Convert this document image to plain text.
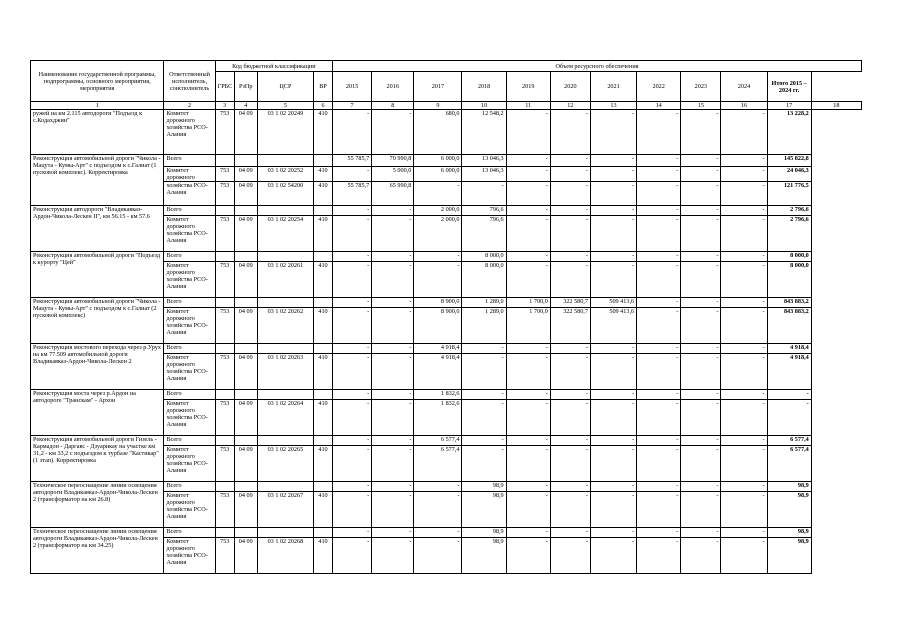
Наименование государственной программы, подпрограммы, основного мероприятия, мероприятия	Ответственный исполнитель, соисполнитель	Код бюджетной классификации				Объем ресурсного обеспечения											
		ГРБС	РзПр	ЦСР	ВР	2015	2016	2017	2018	2019	2020	2021	2022	2023	2024	Итого 2015 – 2024 гг.	
1	2	3	4	5	6	7	8	9	10	11	12	13	14	15	16	17	18
ружей на км 2.115 автодороги "Подъезд к с.Кодахджин"	Комитет дорожного хозяйства РСО-Алания	753	04 09	03 1 02 20249	410	-	-	680,0	12 548,2	-	-	-	-	-	-	13 228,2	
Реконструкция автомобильной дороги "Чикола - Мацута - Кумы-Арт" с подъездом к с.Галиат (1 пусковой комплекс). Корректировка	Всего					55 785,7	70 990,8	6 000,0	13 046,3	-	-	-	-	-	-	145 822,8	
	Комитет дорожного	753	04 09	03 1 02 20252	410	-	5 000,0	6 000,0	13 046,3	-	-	-	-	-	-	24 046,3	
	хозяйства РСО-Алания	753	04 09	03 1 02 54200	410	55 785,7	65 990,8	-	-	-	-	-	-	-	-	121 776,5	
Реконструкция автодороги "Владикавказ-Ардон-Чикола-Лескен II", км 56.15 - км 57.6	Всего					-	-	2 000,0	796,6	-	-	-	-	-	-	2 796,6	
	Комитет дорожного хозяйства РСО-Алания	753	04 09	03 1 02 20254	410	-	-	2 000,0	796,6	-	-	-	-	-	-	2 796,6	
Реконструкция автомобильной дороги "Подъезд к курорту "Цей"	Всего					-	-	-	8 000,0	-	-	-	-	-	-	8 000,0	
	Комитет дорожного хозяйства РСО-Алания	753	04 09	03 1 02 20261	410	-	-	-	8 000,0	-	-	-	-	-	-	8 000,0	
Реконструкция автомобильной дороги "Чикола - Мацута - Кумы-Арт" с подъездом к с.Галиат (2 пусковой комплекс)	Всего					-	-	8 900,0	1 289,0	1 700,0	322 580,7	509 413,6	-	-	-	843 883,2	
	Комитет дорожного хозяйства РСО-Алания	753	04 09	03 1 02 20262	410	-	-	8 900,0	1 289,0	1 700,0	322 580,7	509 413,6	-	-	-	843 883,2	
Реконструкция мостового перехода через р.Урух на км 77.509 автомобильной дороги Владикавказ-Ардон-Чикола-Лескен 2	Всего					-	-	4 918,4	-	-	-	-	-	-	-	4 918,4	
	Комитет дорожного хозяйства РСО-Алания	753	04 09	03 1 02 20263	410	-	-	4 918,4	-	-	-	-	-	-	-	4 918,4	
Реконструкция моста через р.Ардон на автодороге "Транскам" - Архон	Всего					-	-	1 832,6	-	-	-	-	-	-	-	-	
	Комитет дорожного хозяйства РСО-Алания	753	04 09	03 1 02 20264	410	-	-	1 832,6	-	-	-	-	-	-	-	-	
Реконструкция автомобильной дороги Гизель - Кармадон - Даргавс - Дзуарикау на участке км 31,2 - км 33,2 с подъездом к турбазе "Кастикар" (1 этап). Корректировка	Всего					-	-	6 577,4	-	-	-	-	-	-	-	6 577,4	
	Комитет дорожного хозяйства РСО-Алания	753	04 09	03 1 02 20265	410	-	-	6 577,4	-	-	-	-	-	-	-	6 577,4	
Техническое переоснащение линии освещения автодороги Владикавказ-Ардон-Чикола-Лескен 2 (трансформатор на км 26.8)	Всего					-	-	-	98,9	-	-	-	-	-	-	98,9	
	Комитет дорожного хозяйства РСО-Алания	753	04 09	03 1 02 20267	410	-	-	-	98,9	-	-	-	-	-	-	98,9	
Техническое переоснащение линии освещения автодороги Владикавказ-Ардон-Чикола-Лескен 2 (трансформатор на км 34.25)	Всего					-	-	-	98,9	-	-	-	-	-	-	98,9	
	Комитет дорожного хозяйства РСО-Алания	753	04 09	03 1 02 20268	410	-	-	-	98,9	-	-	-	-	-	-	98,9	
